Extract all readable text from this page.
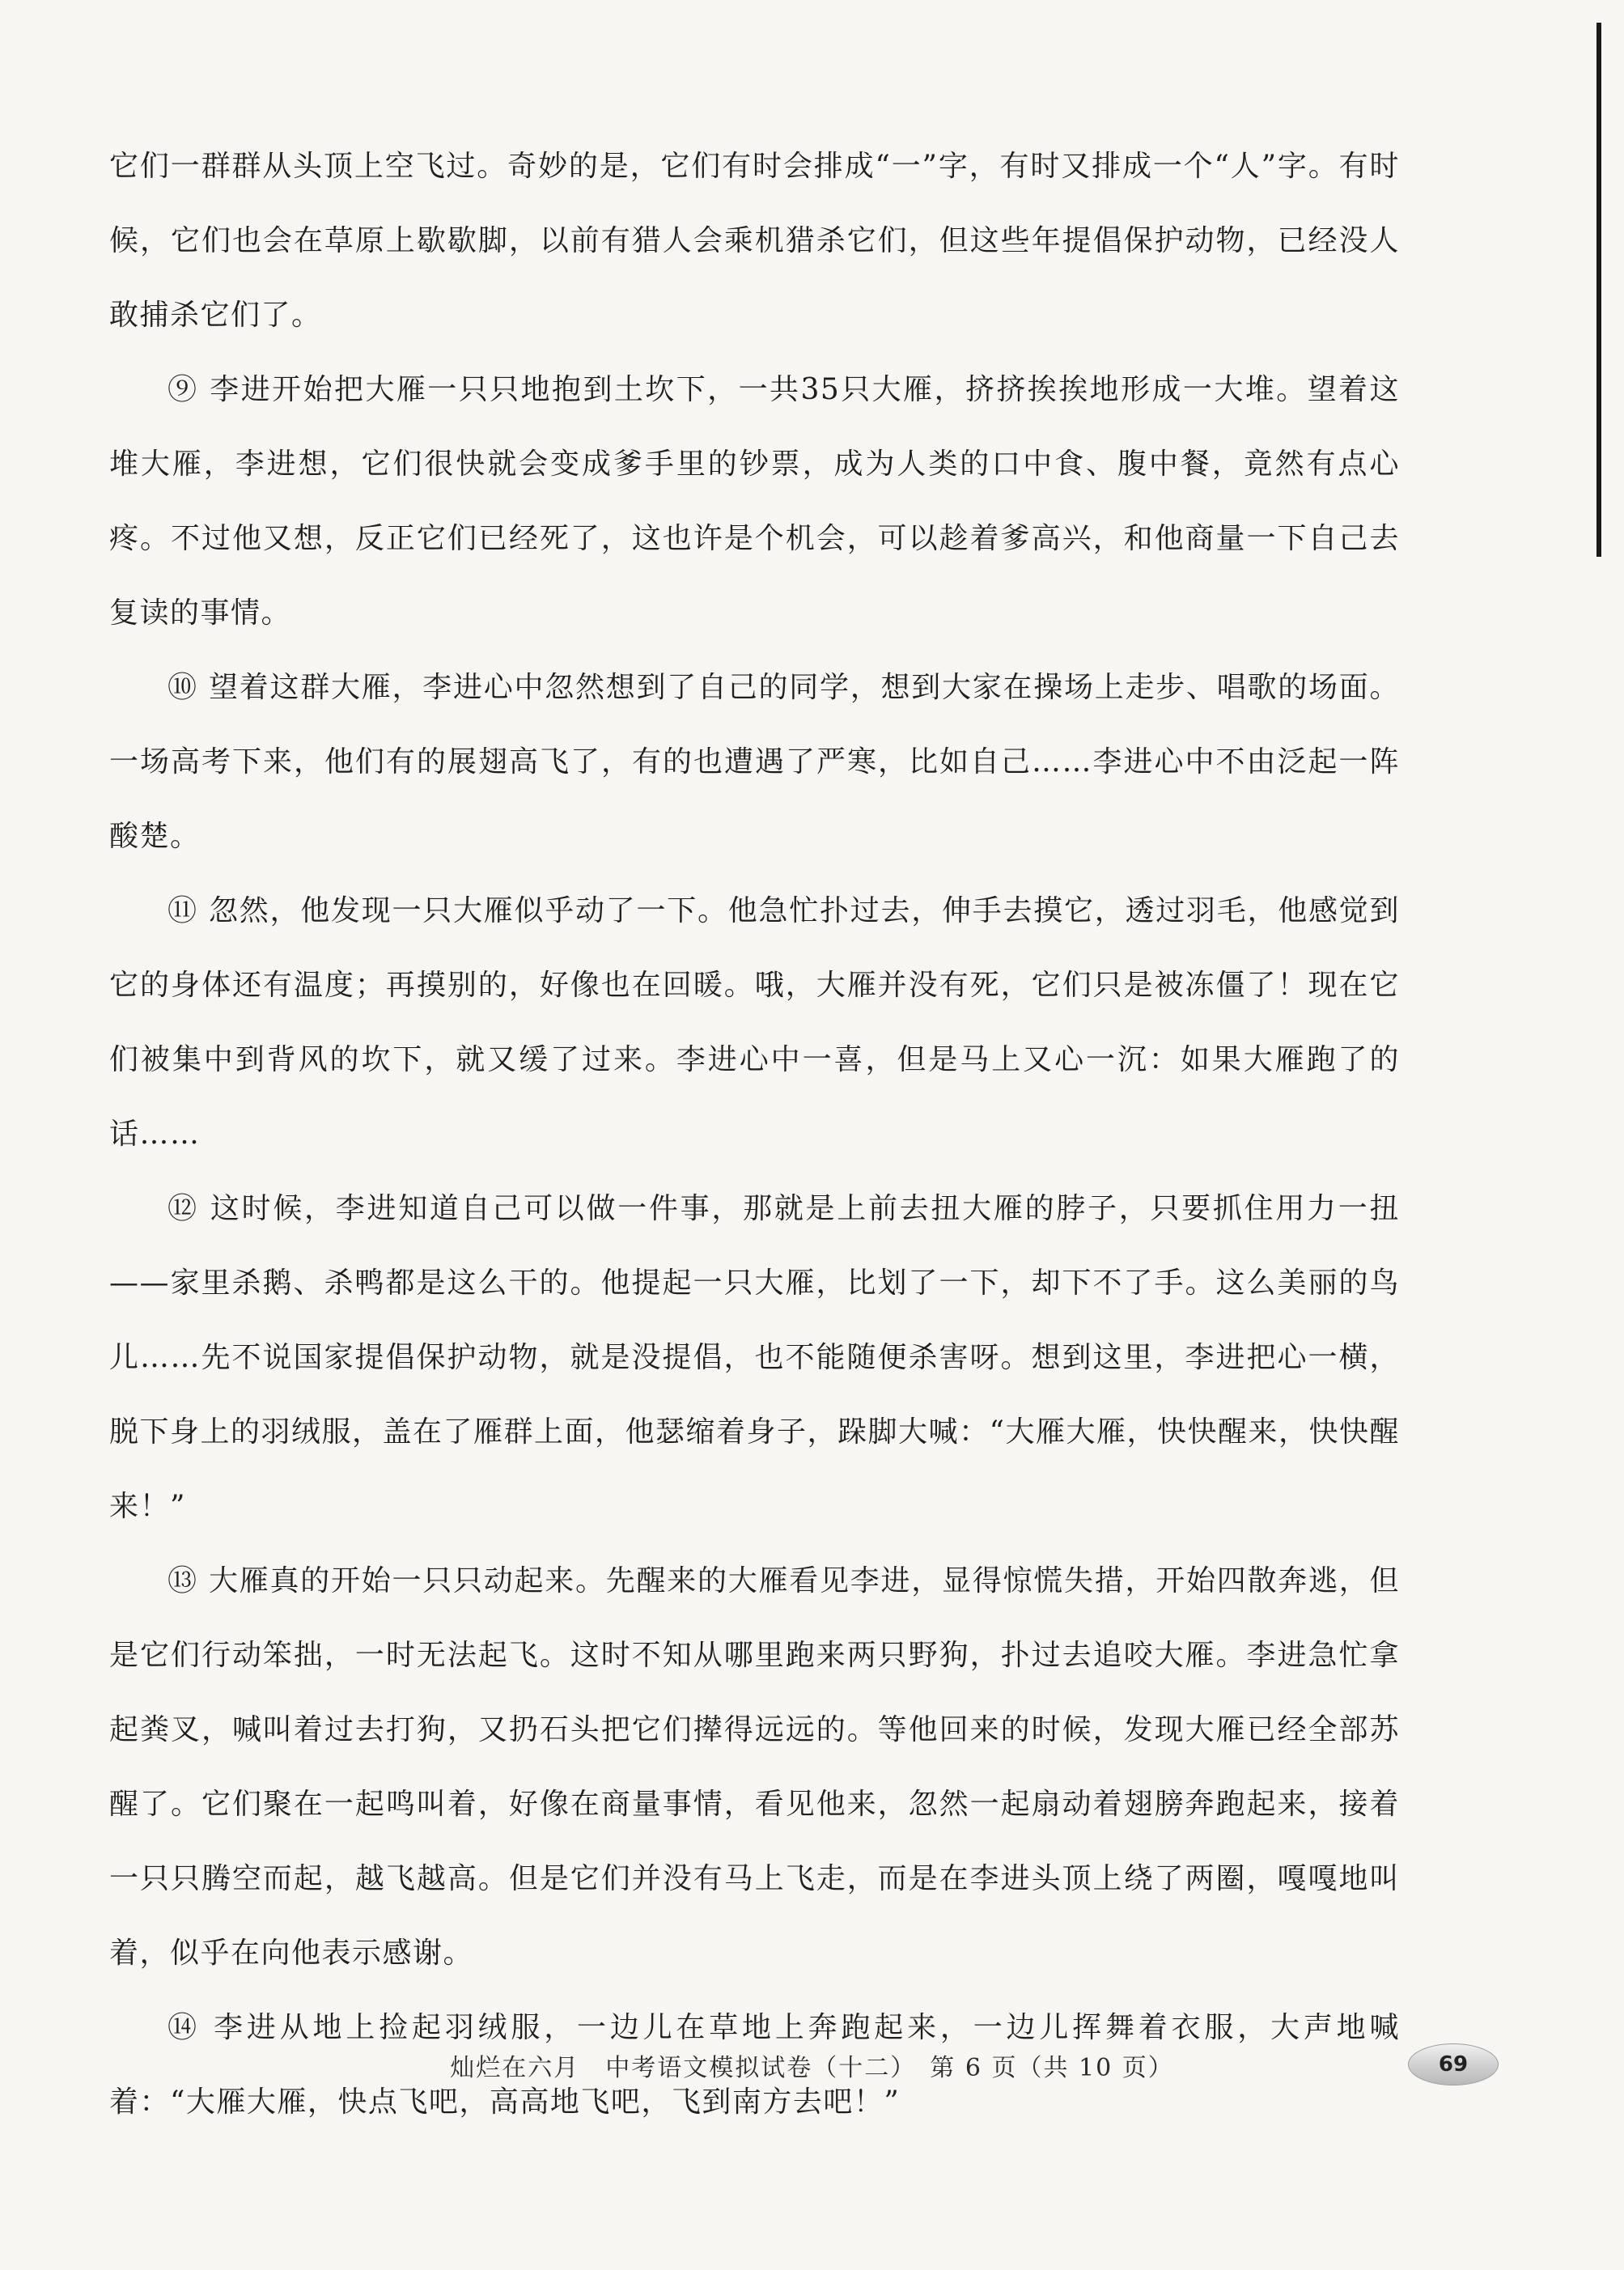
它们一群群从头顶上空飞过。奇妙的是，它们有时会排成“一”字，有时又排成一个“人”字。有时候，它们也会在草原上歇歇脚，以前有猎人会乘机猎杀它们，但这些年提倡保护动物，已经没人敢捕杀它们了。

⑨ 李进开始把大雁一只只地抱到土坎下，一共35只大雁，挤挤挨挨地形成一大堆。望着这堆大雁，李进想，它们很快就会变成爹手里的钞票，成为人类的口中食、腹中餐，竟然有点心疼。不过他又想，反正它们已经死了，这也许是个机会，可以趁着爹高兴，和他商量一下自己去复读的事情。

⑩ 望着这群大雁，李进心中忽然想到了自己的同学，想到大家在操场上走步、唱歌的场面。一场高考下来，他们有的展翅高飞了，有的也遭遇了严寒，比如自己……李进心中不由泛起一阵酸楚。

⑪ 忽然，他发现一只大雁似乎动了一下。他急忙扑过去，伸手去摸它，透过羽毛，他感觉到它的身体还有温度；再摸别的，好像也在回暖。哦，大雁并没有死，它们只是被冻僵了！现在它们被集中到背风的坎下，就又缓了过来。李进心中一喜，但是马上又心一沉：如果大雁跑了的话……

⑫ 这时候，李进知道自己可以做一件事，那就是上前去扭大雁的脖子，只要抓住用力一扭——家里杀鹅、杀鸭都是这么干的。他提起一只大雁，比划了一下，却下不了手。这么美丽的鸟儿……先不说国家提倡保护动物，就是没提倡，也不能随便杀害呀。想到这里，李进把心一横，脱下身上的羽绒服，盖在了雁群上面，他瑟缩着身子，跺脚大喊：“大雁大雁，快快醒来，快快醒来！”

⑬ 大雁真的开始一只只动起来。先醒来的大雁看见李进，显得惊慌失措，开始四散奔逃，但是它们行动笨拙，一时无法起飞。这时不知从哪里跑来两只野狗，扑过去追咬大雁。李进急忙拿起粪叉，喊叫着过去打狗，又扔石头把它们撵得远远的。等他回来的时候，发现大雁已经全部苏醒了。它们聚在一起鸣叫着，好像在商量事情，看见他来，忽然一起扇动着翅膀奔跑起来，接着一只只腾空而起，越飞越高。但是它们并没有马上飞走，而是在李进头顶上绕了两圈，嘎嘎地叫着，似乎在向他表示感谢。

⑭ 李进从地上捡起羽绒服，一边儿在草地上奔跑起来，一边儿挥舞着衣服，大声地喊着：“大雁大雁，快点飞吧，高高地飞吧，飞到南方去吧！”

灿烂在六月　中考语文模拟试卷（十二）　第 6 页（共 10 页）	69
